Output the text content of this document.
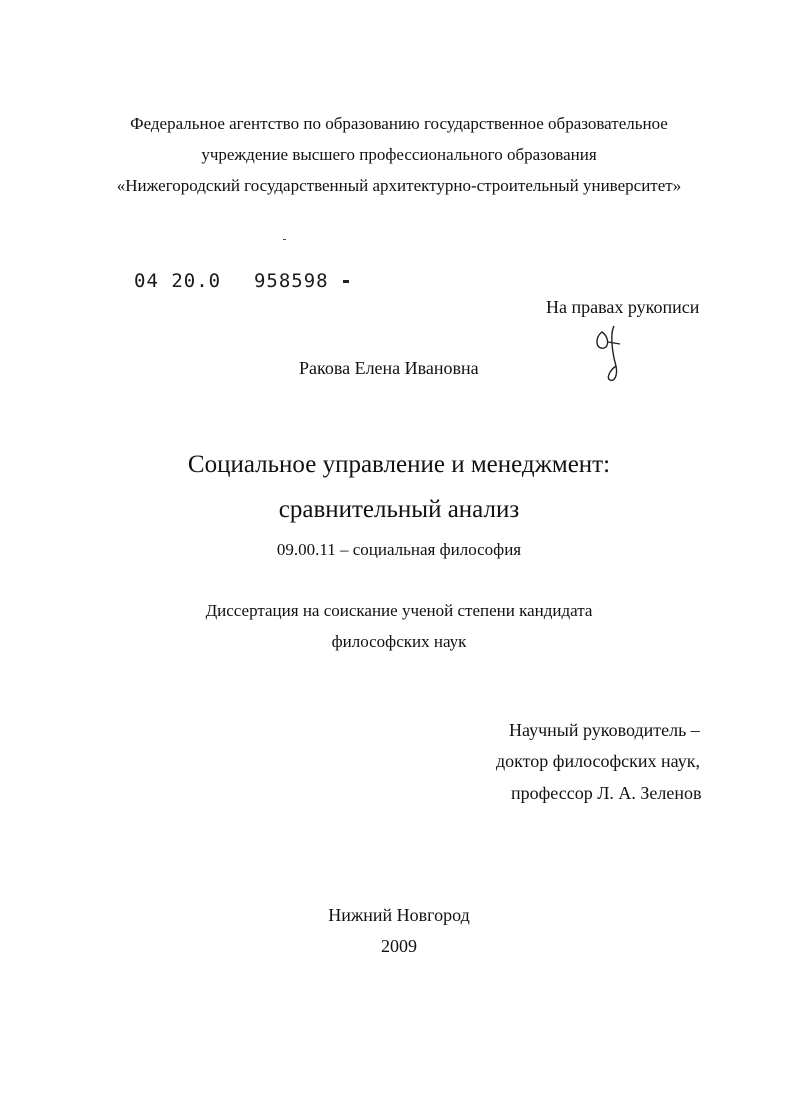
Федеральное агентство по образованию государственное образовательное
учреждение высшего профессионального образования
«Нижегородский государственный архитектурно-строительный университет»
04 20.0 958598
На правах рукописи
Ракова Елена Ивановна
Социальное управление и менеджмент:
сравнительный анализ
09.00.11 – социальная философия
Диссертация на соискание ученой степени кандидата
философских наук
Научный руководитель –
доктор философских наук,
профессор Л. А. Зеленов
Нижний Новгород
2009
